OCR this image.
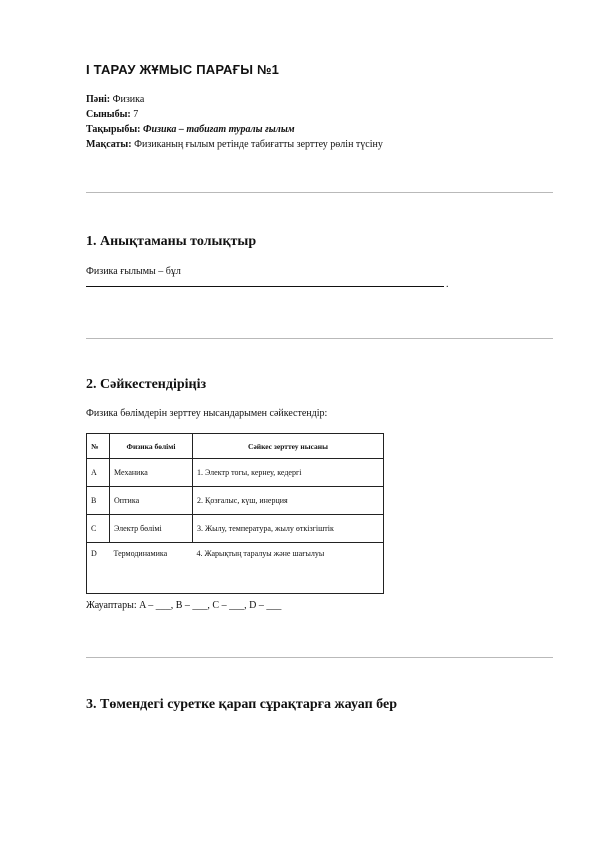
І ТАРАУ ЖҰМЫС ПАРАҒЫ №1
Пәні: Физика
Сыныбы: 7
Тақырыбы: Физика – табиғат туралы ғылым
Мақсаты: Физиканың ғылым ретінде табиғатты зерттеу рөлін түсіну
1. Анықтаманы толықтыр
Физика ғылымы – бұл
.
2. Сәйкестендіріңіз
Физика бөлімдерін зерттеу нысандарымен сәйкестендір:
№	Физика бөлімі	Сәйкес зерттеу нысаны
A	Механика	1. Электр тогы, кернеу, кедергі
B	Оптика	2. Қозғалыс, күш, инерция
C	Электр бөлімі	3. Жылу, температура, жылу өткізгіштік
D	Термодинамика	4. Жарықтың таралуы және шағылуы
Жауаптары: A – ___, B – ___, C – ___, D – ___
3. Төмендегі суретке қарап сұрақтарға жауап бер
